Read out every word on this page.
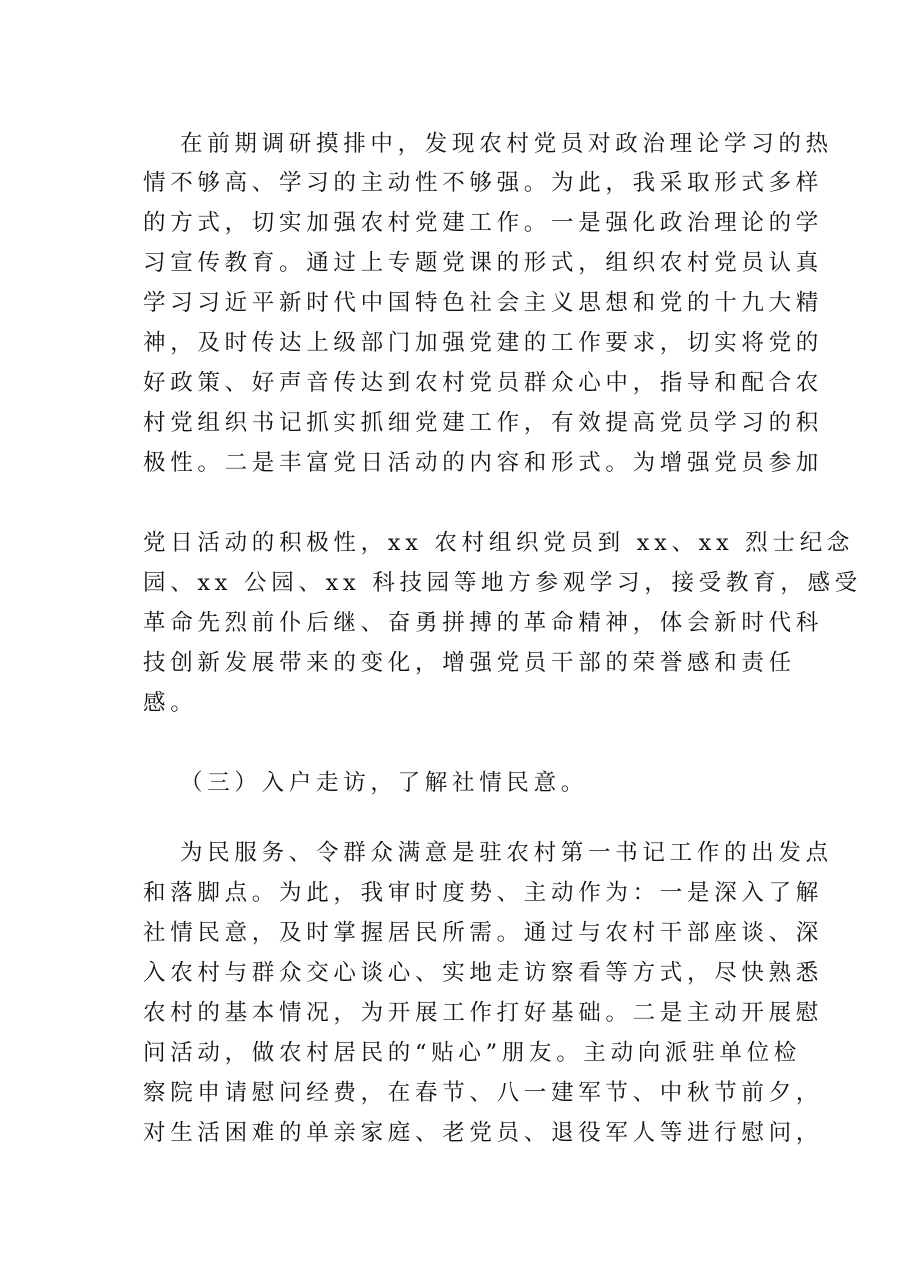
在前期调研摸排中，发现农村党员对政治理论学习的热
情不够高、学习的主动性不够强。为此，我采取形式多样
的方式，切实加强农村党建工作。一是强化政治理论的学
习宣传教育。通过上专题党课的形式，组织农村党员认真
学习习近平新时代中国特色社会主义思想和党的十九大精
神，及时传达上级部门加强党建的工作要求，切实将党的
好政策、好声音传达到农村党员群众心中，指导和配合农
村党组织书记抓实抓细党建工作，有效提高党员学习的积
极性。二是丰富党日活动的内容和形式。为增强党员参加
党日活动的积极性，xx 农村组织党员到 xx、xx 烈士纪念
园、xx 公园、xx 科技园等地方参观学习，接受教育，感受
革命先烈前仆后继、奋勇拼搏的革命精神，体会新时代科
技创新发展带来的变化，增强党员干部的荣誉感和责任
感。
（三）入户走访，了解社情民意。
为民服务、令群众满意是驻农村第一书记工作的出发点
和落脚点。为此，我审时度势、主动作为：一是深入了解
社情民意，及时掌握居民所需。通过与农村干部座谈、深
入农村与群众交心谈心、实地走访察看等方式，尽快熟悉
农村的基本情况，为开展工作打好基础。二是主动开展慰
问活动，做农村居民的“贴心”朋友。主动向派驻单位检
察院申请慰问经费，在春节、八一建军节、中秋节前夕，
对生活困难的单亲家庭、老党员、退役军人等进行慰问，
